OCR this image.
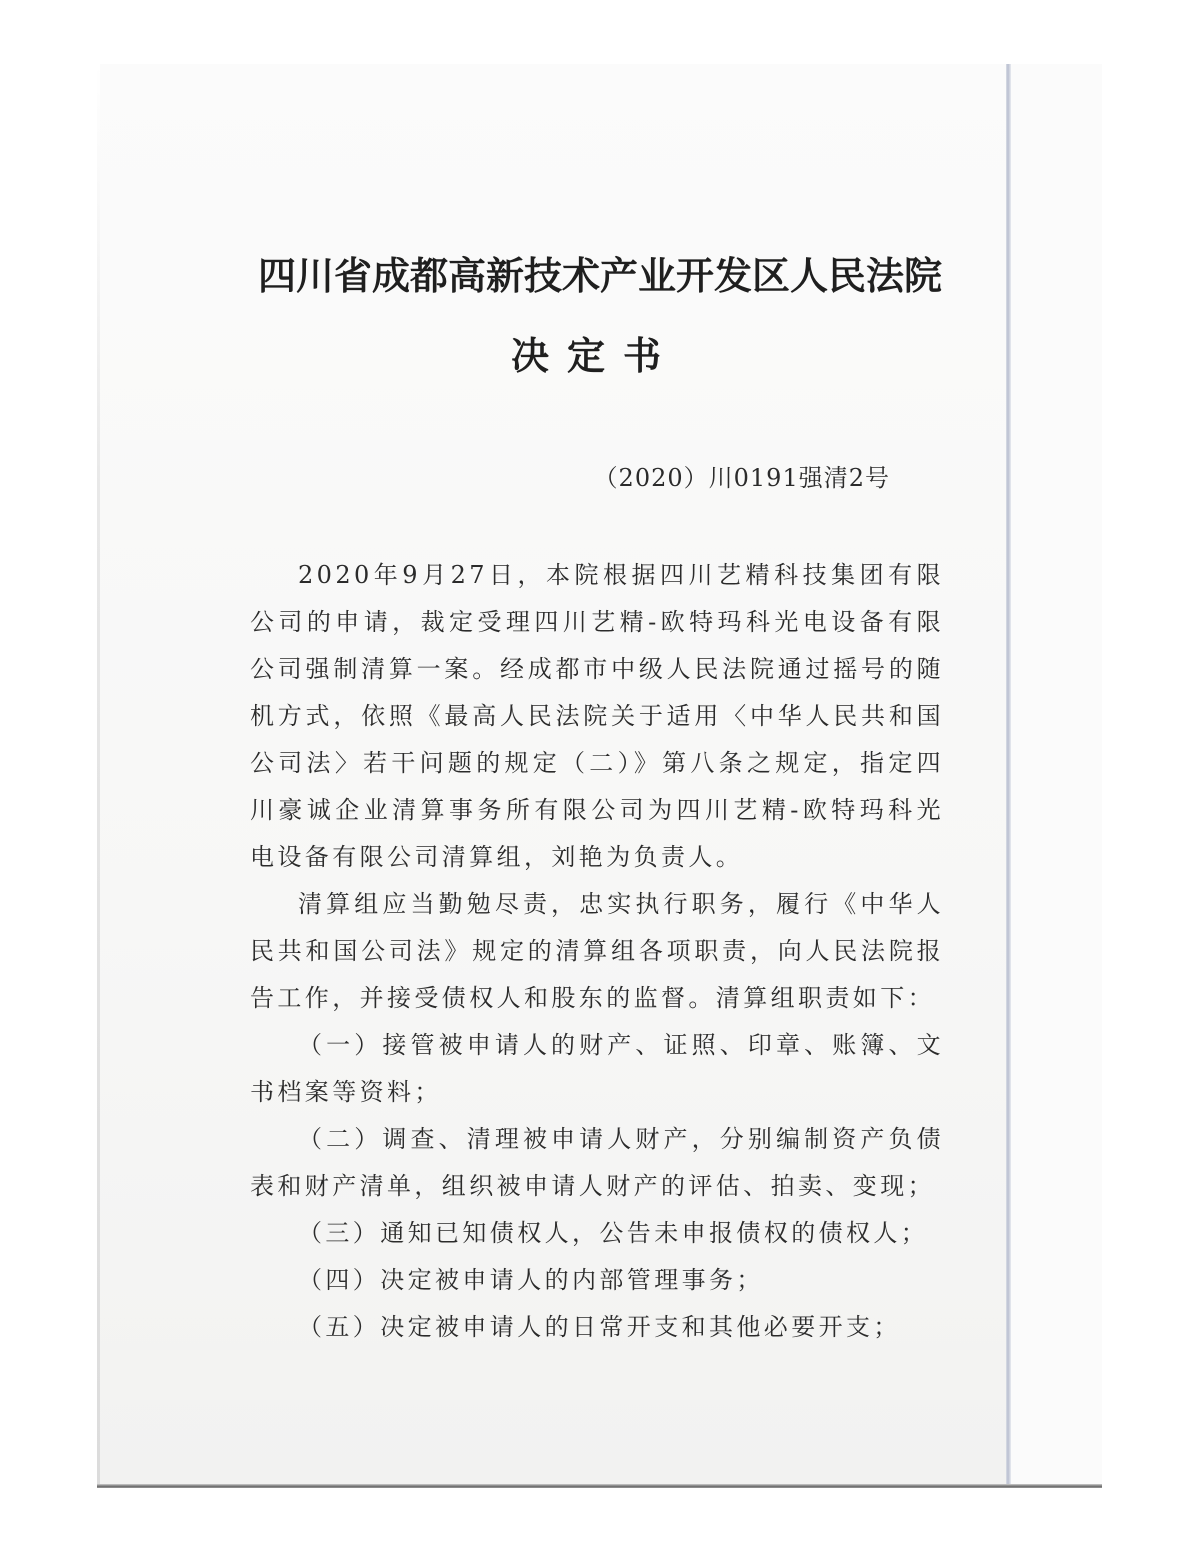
四川省成都高新技术产业开发区人民法院
决定书
（2020）川0191强清2号

2020年9月27日，本院根据四川艺精科技集团有限公司的申请，裁定受理四川艺精-欧特玛科光电设备有限公司强制清算一案。经成都市中级人民法院通过摇号的随机方式，依照《最高人民法院关于适用〈中华人民共和国公司法〉若干问题的规定（二）》第八条之规定，指定四川豪诚企业清算事务所有限公司为四川艺精-欧特玛科光电设备有限公司清算组，刘艳为负责人。

清算组应当勤勉尽责，忠实执行职务，履行《中华人民共和国公司法》规定的清算组各项职责，向人民法院报告工作，并接受债权人和股东的监督。清算组职责如下：

（一）接管被申请人的财产、证照、印章、账簿、文书档案等资料；

（二）调查、清理被申请人财产，分别编制资产负债表和财产清单，组织被申请人财产的评估、拍卖、变现；

（三）通知已知债权人，公告未申报债权的债权人；

（四）决定被申请人的内部管理事务；

（五）决定被申请人的日常开支和其他必要开支；
